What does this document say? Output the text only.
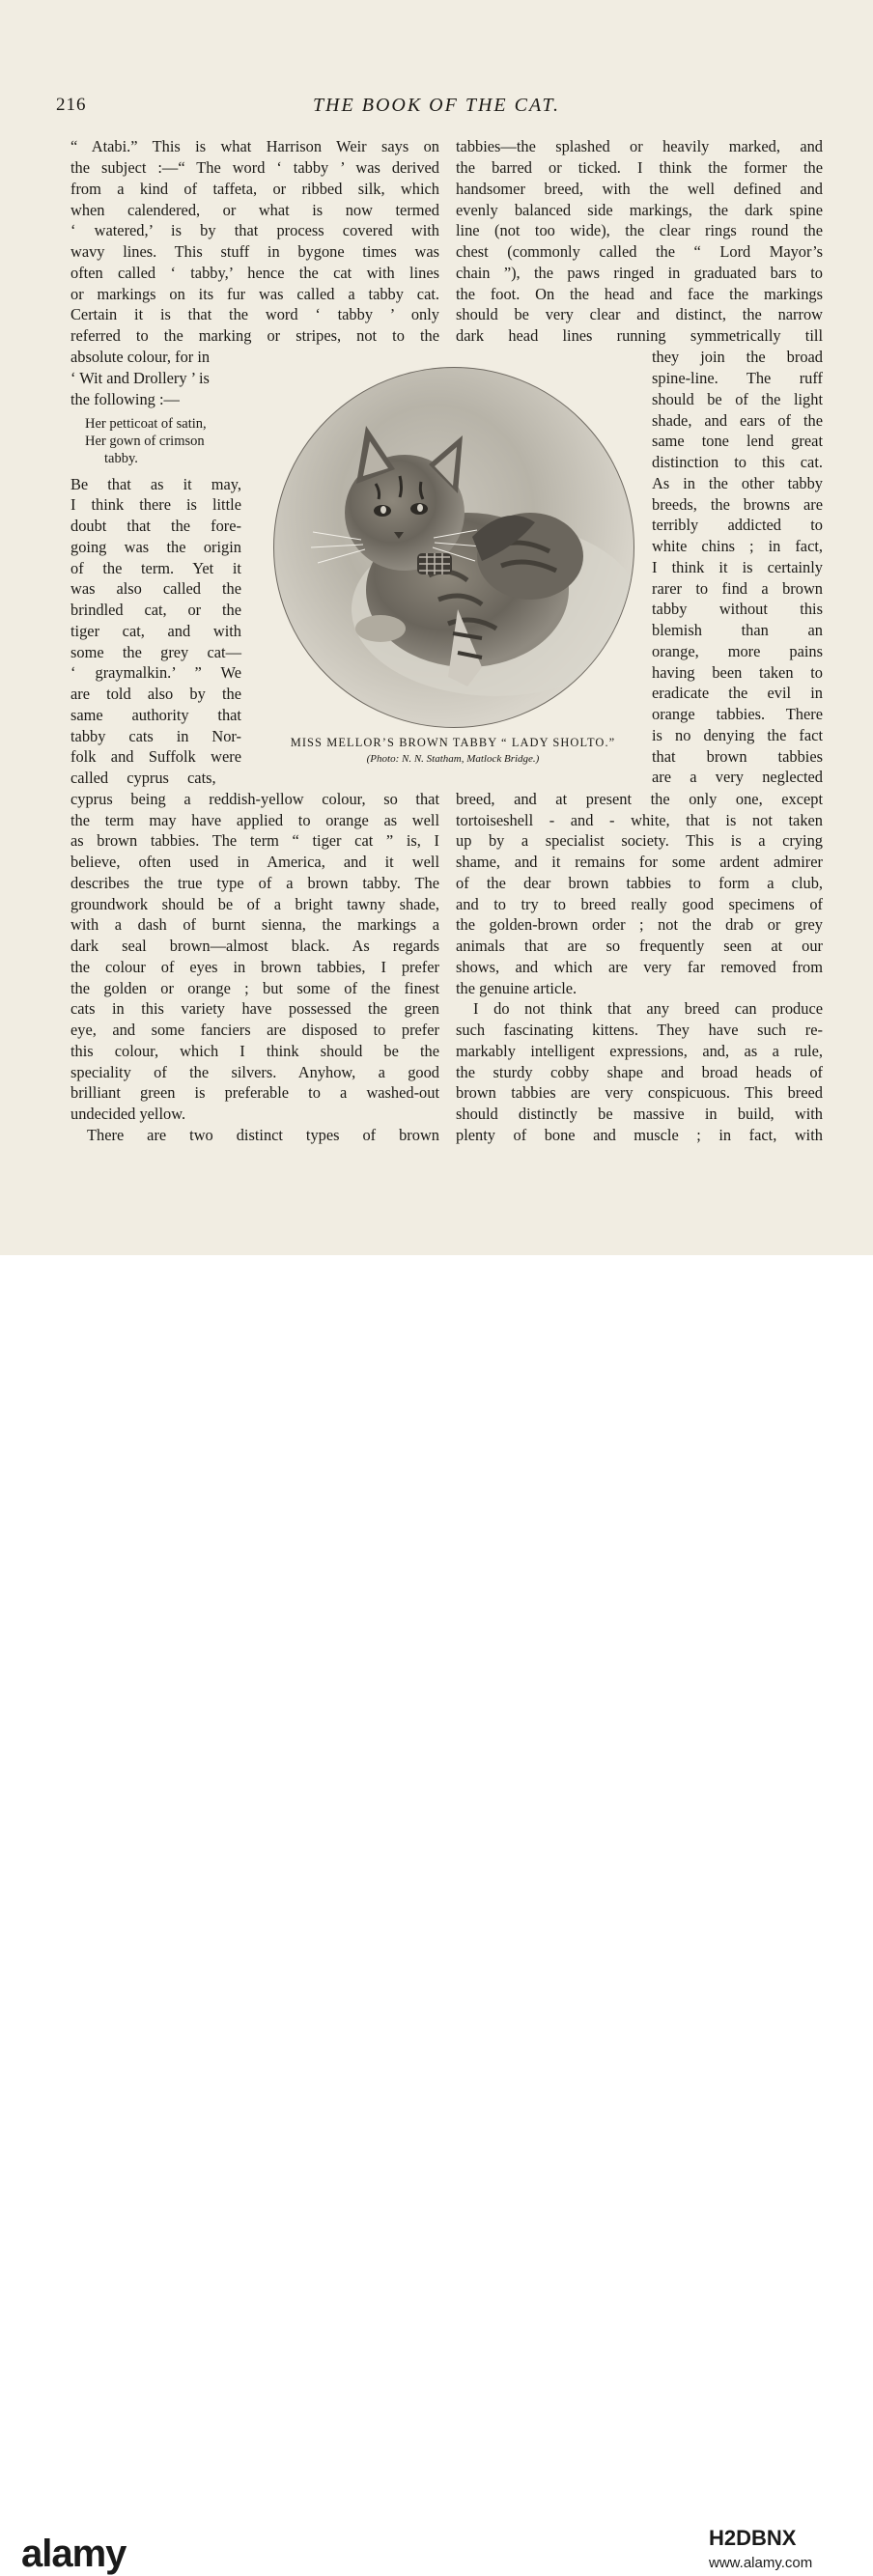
216	THE BOOK OF THE CAT.
“ Atabi.” This is what Harrison Weir says on
the subject :—“ The word ‘ tabby ’ was derived
from a kind of taffeta, or ribbed silk, which
when calendered, or what is now termed
‘ watered,’ is by that process covered with
wavy lines. This stuff in bygone times was
often called ‘ tabby,’ hence the cat with lines
or markings on its fur was called a tabby cat.
Certain it is that the word ‘ tabby ’ only
referred to the marking or stripes, not to the
absolute colour, for in
‘ Wit and Drollery ’ is
the following :—
Her petticoat of satin,
Her gown of crimson
tabby.
Be that as it may,
I think there is little
doubt that the fore-
going was the origin
of the term. Yet it
was also called the
brindled cat, or the
tiger cat, and with
some the grey cat—
‘ graymalkin.’ ” We
are told also by the
same authority that
tabby cats in Nor-
folk and Suffolk were
called cyprus cats,
cyprus being a reddish-yellow colour, so that
the term may have applied to orange as well
as brown tabbies. The term “ tiger cat ” is, I
believe, often used in America, and it well
describes the true type of a brown tabby. The
groundwork should be of a bright tawny shade,
with a dash of burnt sienna, the markings a
dark seal brown—almost black. As regards
the colour of eyes in brown tabbies, I prefer
the golden or orange ; but some of the finest
cats in this variety have possessed the green
eye, and some fanciers are disposed to prefer
this colour, which I think should be the
speciality of the silvers. Anyhow, a good
brilliant green is preferable to a washed-out
undecided yellow.
There are two distinct types of brown
tabbies—the splashed or heavily marked, and
the barred or ticked. I think the former the
handsomer breed, with the well defined and
evenly balanced side markings, the dark spine
line (not too wide), the clear rings round the
chest (commonly called the “ Lord Mayor’s
chain ”), the paws ringed in graduated bars to
the foot. On the head and face the markings
should be very clear and distinct, the narrow
dark head lines running symmetrically till
they join the broad
spine-line. The ruff
should be of the light
shade, and ears of the
same tone lend great
distinction to this cat.
As in the other tabby
breeds, the browns are
terribly addicted to
white chins ; in fact,
I think it is certainly
rarer to find a brown
tabby without this
blemish than an
orange, more pains
having been taken to
eradicate the evil in
orange tabbies. There
is no denying the fact
that brown tabbies
are a very neglected
breed, and at present the only one, except
tortoiseshell - and - white, that is not taken
up by a specialist society. This is a crying
shame, and it remains for some ardent admirer
of the dear brown tabbies to form a club,
and to try to breed really good specimens of
the golden-brown order ; not the drab or grey
animals that are so frequently seen at our
shows, and which are very far removed from
the genuine article.
I do not think that any breed can produce
such fascinating kittens. They have such re-
markably intelligent expressions, and, as a rule,
the sturdy cobby shape and broad heads of
brown tabbies are very conspicuous. This breed
should distinctly be massive in build, with
plenty of bone and muscle ; in fact, with
MISS MELLOR’S BROWN TABBY “ LADY SHOLTO.”
(Photo: N. N. Statham, Matlock Bridge.)
alamy	H2DBNX
www.alamy.com
